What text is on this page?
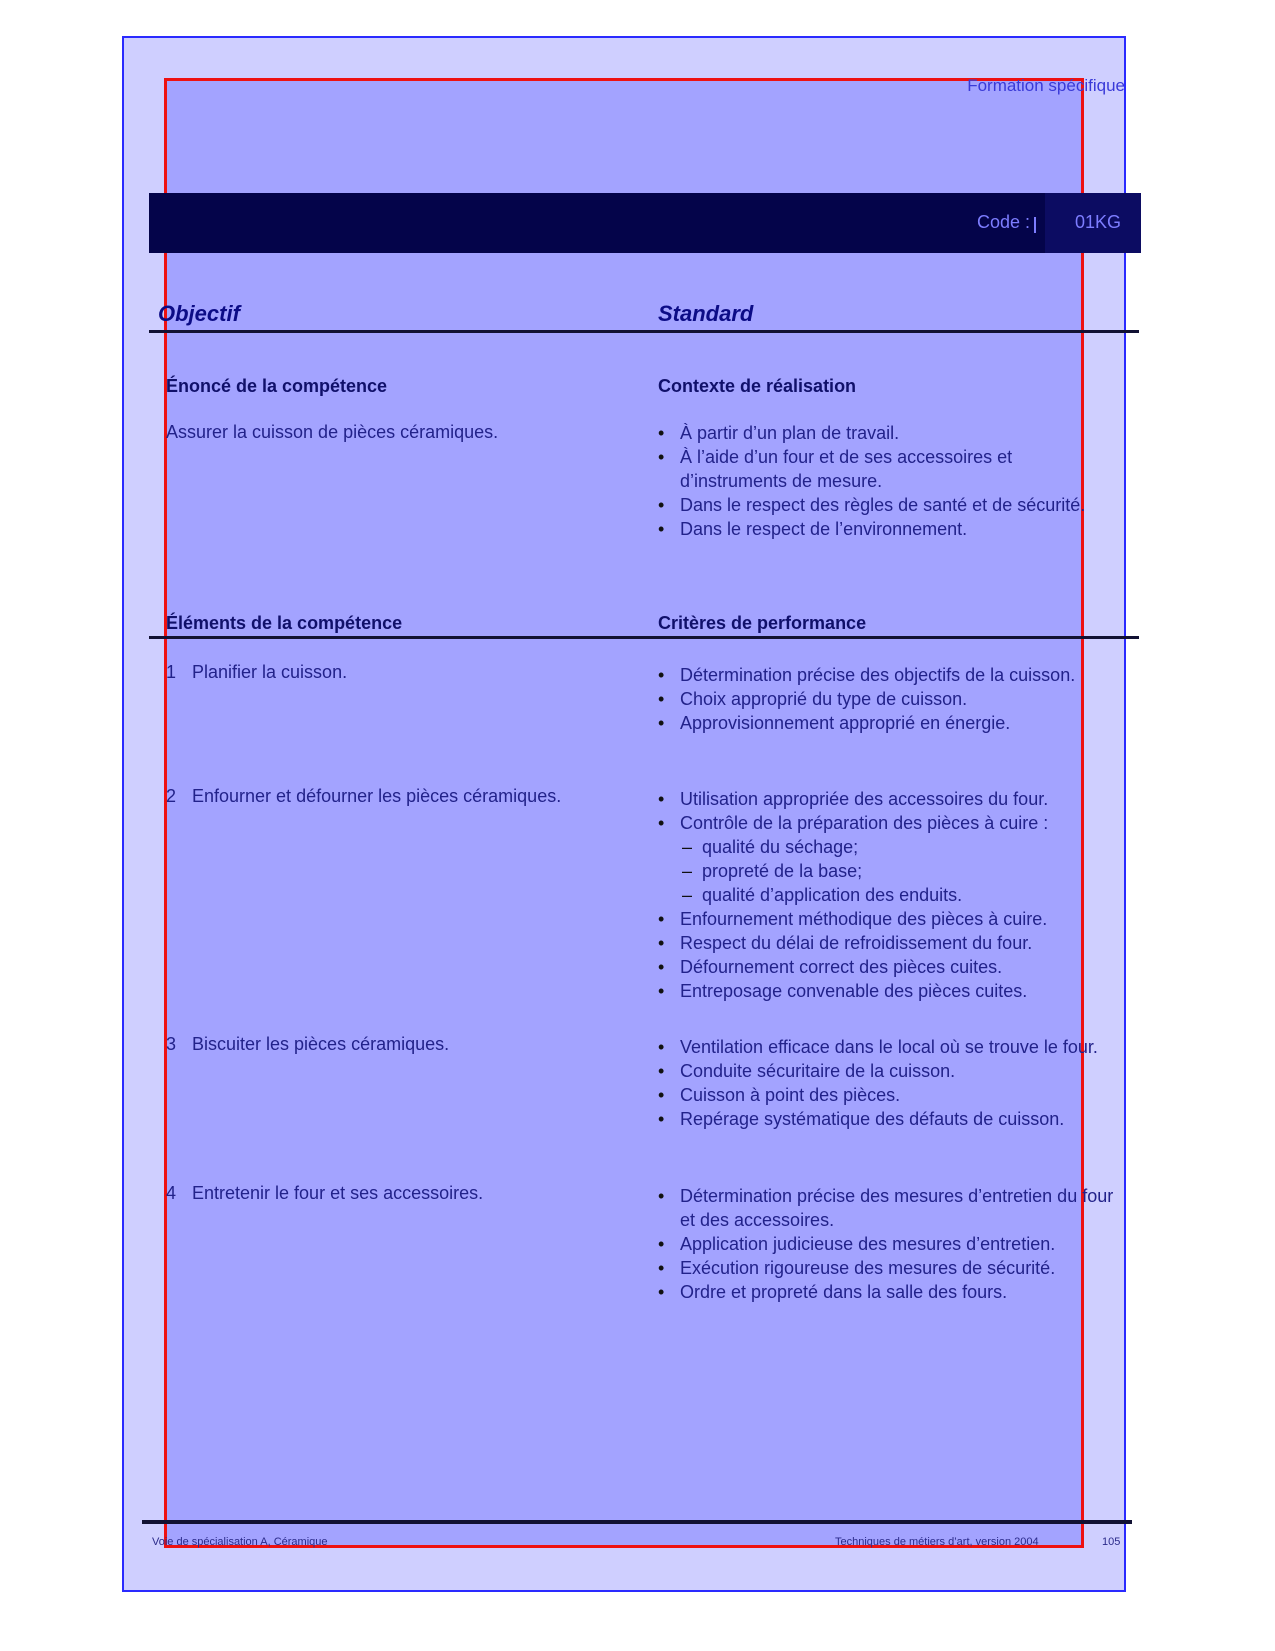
Formation spécifique
Code : 01KG
Objectif	Standard
Énoncé de la compétence	Contexte de réalisation
Assurer la cuisson de pièces céramiques.	• À partir d’un plan de travail.
• À l’aide d’un four et de ses accessoires et d’instruments de mesure.
• Dans le respect des règles de santé et de sécurité.
• Dans le respect de l’environnement.
Éléments de la compétence	Critères de performance
1 Planifier la cuisson.	• Détermination précise des objectifs de la cuisson.
• Choix approprié du type de cuisson.
• Approvisionnement approprié en énergie.
2 Enfourner et défourner les pièces céramiques.	• Utilisation appropriée des accessoires du four.
• Contrôle de la préparation des pièces à cuire :
– qualité du séchage;
– propreté de la base;
– qualité d’application des enduits.
• Enfournement méthodique des pièces à cuire.
• Respect du délai de refroidissement du four.
• Défournement correct des pièces cuites.
• Entreposage convenable des pièces cuites.
3 Biscuiter les pièces céramiques.	• Ventilation efficace dans le local où se trouve le four.
• Conduite sécuritaire de la cuisson.
• Cuisson à point des pièces.
• Repérage systématique des défauts de cuisson.
4 Entretenir le four et ses accessoires.	• Détermination précise des mesures d’entretien du four et des accessoires.
• Application judicieuse des mesures d’entretien.
• Exécution rigoureuse des mesures de sécurité.
• Ordre et propreté dans la salle des fours.
Voie de spécialisation A, Céramique	Techniques de métiers d’art, version 2004	105
